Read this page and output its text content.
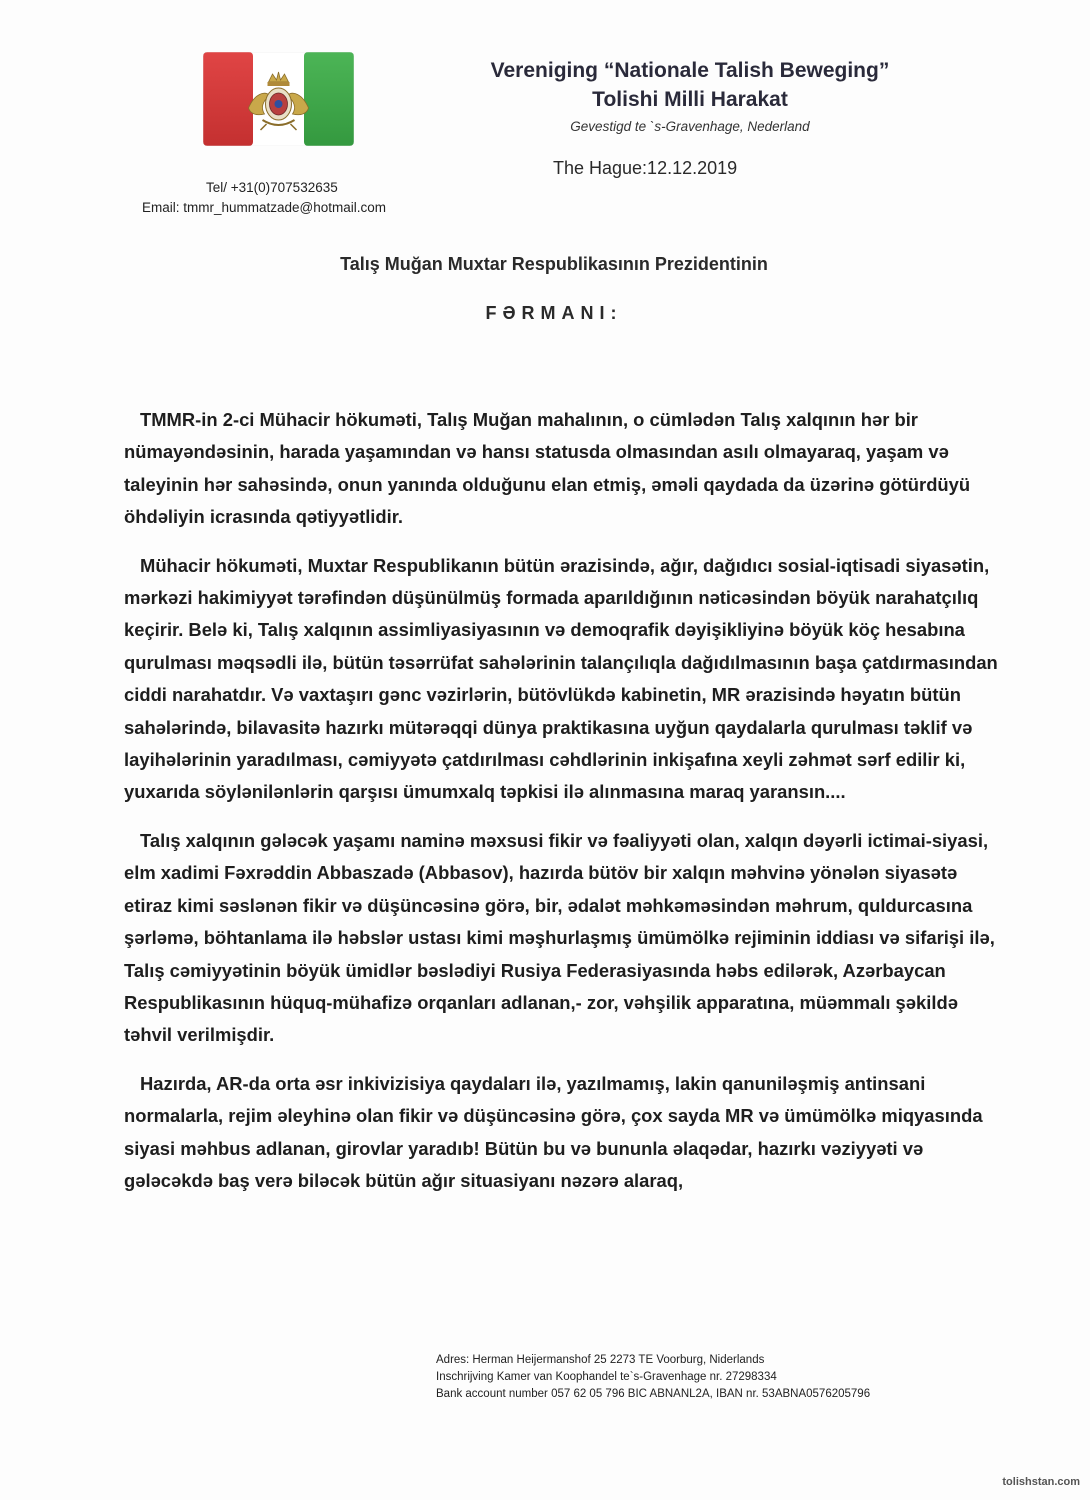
Tel/ +31(0)707532635
Email: tmmr_hummatzade@hotmail.com
Vereniging “Nationale Talish Beweging”
Tolishi Milli Harakat
Gevestigd te `s-Gravenhage, Nederland
The Hague:12.12.2019
Talış Muğan Muxtar Respublikasının Prezidentinin
FƏRMANI:

TMMR-in 2-ci Mühacir hökuməti, Talış Muğan mahalının, o cümlədən Talış xalqının hər bir nümayəndəsinin, harada yaşamından və hansı statusda olmasından asılı olmayaraq, yaşam və taleyinin hər sahəsində, onun yanında olduğunu elan etmiş, əməli qaydada da üzərinə götürdüyü öhdəliyin icrasında qətiyyətlidir.

Mühacir hökuməti, Muxtar Respublikanın bütün ərazisində, ağır, dağıdıcı sosial-iqtisadi siyasətin, mərkəzi hakimiyyət tərəfindən düşünülmüş formada aparıldığının nəticəsindən böyük narahatçılıq keçirir. Belə ki, Talış xalqının assimliyasiyasının və demoqrafik dəyişikliyinə böyük köç hesabına qurulması məqsədli ilə, bütün təsərrüfat sahələrinin talançılıqla dağıdılmasının başa çatdırmasından ciddi narahatdır. Və vaxtaşırı gənc vəzirlərin, bütövlükdə kabinetin, MR ərazisində həyatın bütün sahələrində, bilavasitə hazırkı mütərəqqi dünya praktikasına uyğun qaydalarla qurulması təklif və layihələrinin yaradılması, cəmiyyətə çatdırılması cəhdlərinin inkişafına xeyli zəhmət sərf edilir ki, yuxarıda söylənilənlərin qarşısı ümumxalq təpkisi ilə alınmasına maraq yaransın....

Talış xalqının gələcək yaşamı naminə məxsusi fikir və fəaliyyəti olan, xalqın dəyərli ictimai-siyasi, elm xadimi Fəxrəddin Abbaszadə (Abbasov), hazırda bütöv bir xalqın məhvinə yönələn siyasətə etiraz kimi səslənən fikir və düşüncəsinə görə, bir, ədalət məhkəməsindən məhrum, quldurcasına şərləmə, böhtanlama ilə həbslər ustası kimi məşhurlaşmış ümümölkə rejiminin iddiası və sifarişi ilə, Talış cəmiyyətinin böyük ümidlər bəslədiyi Rusiya Federasiyasında həbs edilərək, Azərbaycan Respublikasının hüquq-mühafizə orqanları adlanan,- zor, vəhşilik apparatına, müəmmalı şəkildə təhvil verilmişdir.

Hazırda, AR-da orta əsr inkivizisiya qaydaları ilə, yazılmamış, lakin qanunіləşmiş antinsani normalarla, rejim əleyhinə olan fikir və düşüncəsinə görə, çox sayda MR və ümümölkə miqyasında siyasi məhbus adlanan, girovlar yaradıb! Bütün bu və bununla əlaqədar, hazırkı vəziyyəti və gələcəkdə baş verə biləcək bütün ağır situasiyanı nəzərə alaraq,

Adres: Herman Heijermanshof 25 2273 TE Voorburg, Niderlands
Inschrijving Kamer van Koophandel te`s-Gravenhage nr. 27298334
Bank account number 057 62 05 796 BIC ABNANL2A, IBAN nr. 53ABNA0576205796
tolishstan.com
